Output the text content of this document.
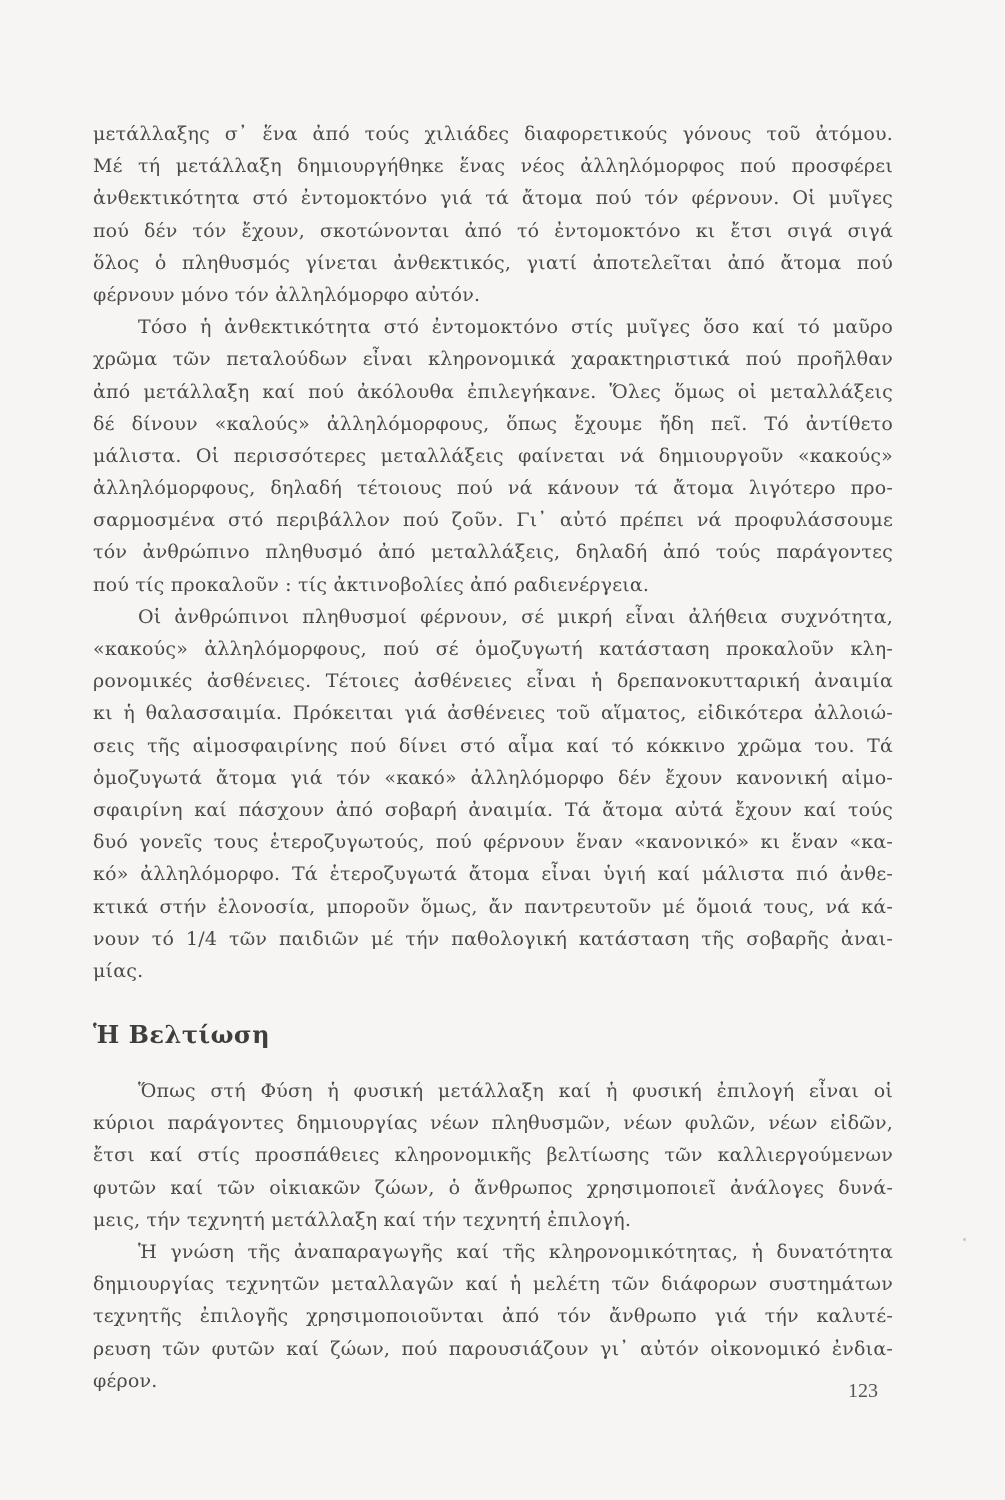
μετάλλαξης σ᾿ ἕνα ἀπό τούς χιλιάδες διαφορετικούς γόνους τοῦ ἀτόμου.
Μέ τή μετάλλαξη δημιουργήθηκε ἕνας νέος ἀλληλόμορφος πού προσφέρει
ἀνθεκτικότητα στό ἐντομοκτόνο γιά τά ἄτομα πού τόν φέρνουν. Οἱ μυῖγες
πού δέν τόν ἔχουν, σκοτώνονται ἀπό τό ἐντομοκτόνο κι ἔτσι σιγά σιγά
ὅλος ὁ πληθυσμός γίνεται ἀνθεκτικός, γιατί ἀποτελεῖται ἀπό ἄτομα πού
φέρνουν μόνο τόν ἀλληλόμορφο αὐτόν.
Τόσο ἡ ἀνθεκτικότητα στό ἐντομοκτόνο στίς μυῖγες ὅσο καί τό μαῦρο
χρῶμα τῶν πεταλούδων εἶναι κληρονομικά χαρακτηριστικά πού προῆλθαν
ἀπό μετάλλαξη καί πού ἀκόλουθα ἐπιλεγήκανε. Ὅλες ὅμως οἱ μεταλλάξεις
δέ δίνουν «καλούς» ἀλληλόμορφους, ὅπως ἔχουμε ἤδη πεῖ. Τό ἀντίθετο
μάλιστα. Οἱ περισσότερες μεταλλάξεις φαίνεται νά δημιουργοῦν «κακούς»
ἀλληλόμορφους, δηλαδή τέτοιους πού νά κάνουν τά ἄτομα λιγότερο προ-
σαρμοσμένα στό περιβάλλον πού ζοῦν. Γι᾿ αὐτό πρέπει νά προφυλάσσουμε
τόν ἀνθρώπινο πληθυσμό ἀπό μεταλλάξεις, δηλαδή ἀπό τούς παράγοντες
πού τίς προκαλοῦν : τίς ἀκτινοβολίες ἀπό ραδιενέργεια.
Οἱ ἀνθρώπινοι πληθυσμοί φέρνουν, σέ μικρή εἶναι ἀλήθεια συχνότητα,
«κακούς» ἀλληλόμορφους, πού σέ ὁμοζυγωτή κατάσταση προκαλοῦν κλη-
ρονομικές ἀσθένειες. Τέτοιες ἀσθένειες εἶναι ἡ δρεπανοκυτταρική ἀναιμία
κι ἡ θαλασσαιμία. Πρόκειται γιά ἀσθένειες τοῦ αἵματος, εἰδικότερα ἀλλοιώ-
σεις τῆς αἱμοσφαιρίνης πού δίνει στό αἷμα καί τό κόκκινο χρῶμα του. Τά
ὁμοζυγωτά ἄτομα γιά τόν «κακό» ἀλληλόμορφο δέν ἔχουν κανονική αἱμο-
σφαιρίνη καί πάσχουν ἀπό σοβαρή ἀναιμία. Τά ἄτομα αὐτά ἔχουν καί τούς
δυό γονεῖς τους ἑτεροζυγωτούς, πού φέρνουν ἕναν «κανονικό» κι ἕναν «κα-
κό» ἀλληλόμορφο. Τά ἑτεροζυγωτά ἄτομα εἶναι ὑγιή καί μάλιστα πιό ἀνθε-
κτικά στήν ἑλονοσία, μποροῦν ὅμως, ἄν παντρευτοῦν μέ ὅμοιά τους, νά κά-
νουν τό 1/4 τῶν παιδιῶν μέ τήν παθολογική κατάσταση τῆς σοβαρῆς ἀναι-
μίας.
Ἡ Βελτίωση
Ὅπως στή Φύση ἡ φυσική μετάλλαξη καί ἡ φυσική ἐπιλογή εἶναι οἱ
κύριοι παράγοντες δημιουργίας νέων πληθυσμῶν, νέων φυλῶν, νέων εἰδῶν,
ἔτσι καί στίς προσπάθειες κληρονομικῆς βελτίωσης τῶν καλλιεργούμενων
φυτῶν καί τῶν οἰκιακῶν ζώων, ὁ ἄνθρωπος χρησιμοποιεῖ ἀνάλογες δυνά-
μεις, τήν τεχνητή μετάλλαξη καί τήν τεχνητή ἐπιλογή.
Ἡ γνώση τῆς ἀναπαραγωγῆς καί τῆς κληρονομικότητας, ἡ δυνατότητα
δημιουργίας τεχνητῶν μεταλλαγῶν καί ἡ μελέτη τῶν διάφορων συστημάτων
τεχνητῆς ἐπιλογῆς χρησιμοποιοῦνται ἀπό τόν ἄνθρωπο γιά τήν καλυτέ-
ρευση τῶν φυτῶν καί ζώων, πού παρουσιάζουν γι᾿ αὐτόν οἰκονομικό ἐνδια-
φέρον.	123
